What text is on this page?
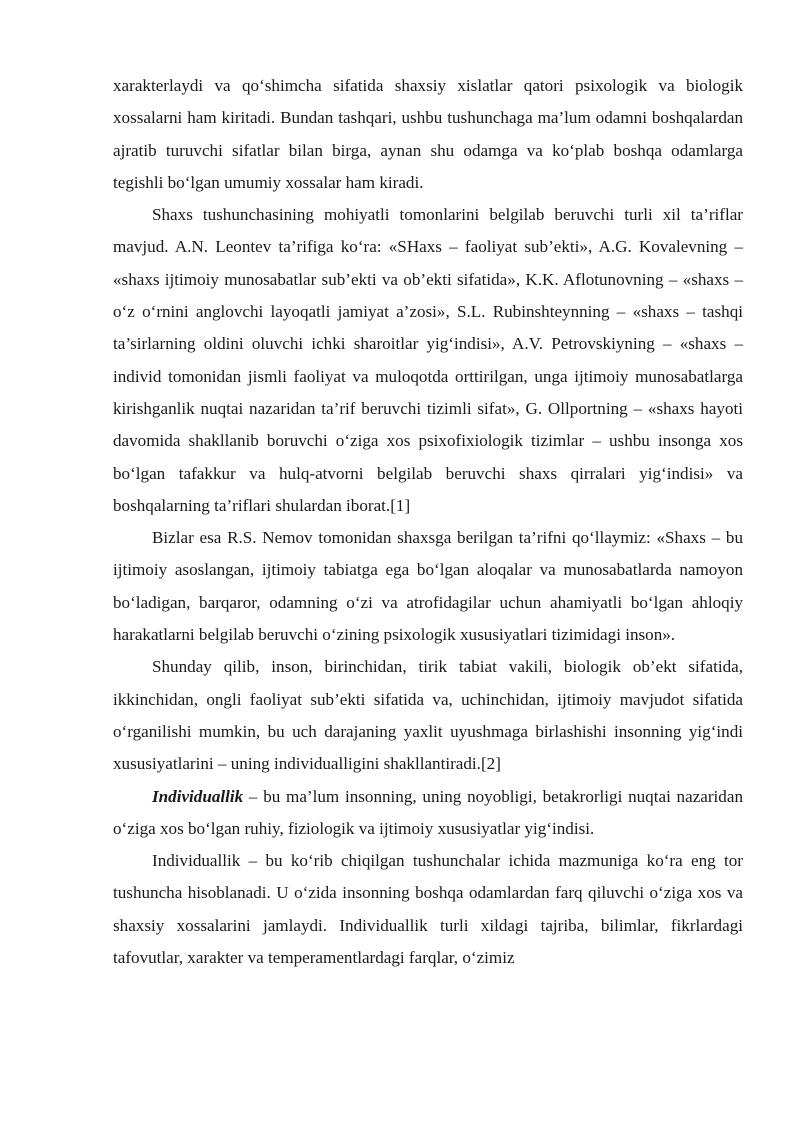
xarakterlaydi va qo‘shimcha sifatida shaxsiy xislatlar qatori psixologik va biologik xossalarni ham kiritadi. Bundan tashqari, ushbu tushunchaga ma’lum odamni boshqalardan ajratib turuvchi sifatlar bilan birga, aynan shu odamga va ko‘plab boshqa odamlarga tegishli bo‘lgan umumiy xossalar ham kiradi.

Shaxs tushunchasining mohiyatli tomonlarini belgilab beruvchi turli xil ta’riflar mavjud. A.N. Leontev ta’rifiga ko‘ra: «SHaxs – faoliyat sub’ekti», A.G. Kovalevning – «shaxs ijtimoiy munosabatlar sub’ekti va ob’ekti sifatida», K.K. Aflotunovning – «shaxs – o‘z o‘rnini anglovchi layoqatli jamiyat a’zosi», S.L. Rubinshteynning – «shaxs – tashqi ta’sirlarning oldini oluvchi ichki sharoitlar yig‘indisi», A.V. Petrovskiyning – «shaxs – individ tomonidan jismli faoliyat va muloqotda orttirilgan, unga ijtimoiy munosabatlarga kirishganlik nuqtai nazaridan ta’rif beruvchi tizimli sifat», G. Ollportning – «shaxs hayoti davomida shakllanib boruvchi o‘ziga xos psixofixiologik tizimlar – ushbu insonga xos bo‘lgan tafakkur va hulq-atvorni belgilab beruvchi shaxs qirralari yig‘indisi» va boshqalarning ta’riflari shulardan iborat.[1]

Bizlar esa R.S. Nemov tomonidan shaxsga berilgan ta’rifni qo‘llaymiz: «Shaxs – bu ijtimoiy asoslangan, ijtimoiy tabiatga ega bo‘lgan aloqalar va munosabatlarda namoyon bo‘ladigan, barqaror, odamning o‘zi va atrofidagilar uchun ahamiyatli bo‘lgan ahloqiy harakatlarni belgilab beruvchi o‘zining psixologik xususiyatlari tizimidagi inson».

Shunday qilib, inson, birinchidan, tirik tabiat vakili, biologik ob’ekt sifatida, ikkinchidan, ongli faoliyat sub’ekti sifatida va, uchinchidan, ijtimoiy mavjudot sifatida o‘rganilishi mumkin, bu uch darajaning yaxlit uyushmaga birlashishi insonning yig‘indi xususiyatlarini – uning individualligini shakllantiradi.[2]

Individuallik – bu ma’lum insonning, uning noyobligi, betakrorligi nuqtai nazaridan o‘ziga xos bo‘lgan ruhiy, fiziologik va ijtimoiy xususiyatlar yig‘indisi.

Individuallik – bu ko‘rib chiqilgan tushunchalar ichida mazmuniga ko‘ra eng tor tushuncha hisoblanadi. U o‘zida insonning boshqa odamlardan farq qiluvchi o‘ziga xos va shaxsiy xossalarini jamlaydi. Individuallik turli xildagi tajriba, bilimlar, fikrlardagi tafovutlar, xarakter va temperamentlardagi farqlar, o‘zimiz
